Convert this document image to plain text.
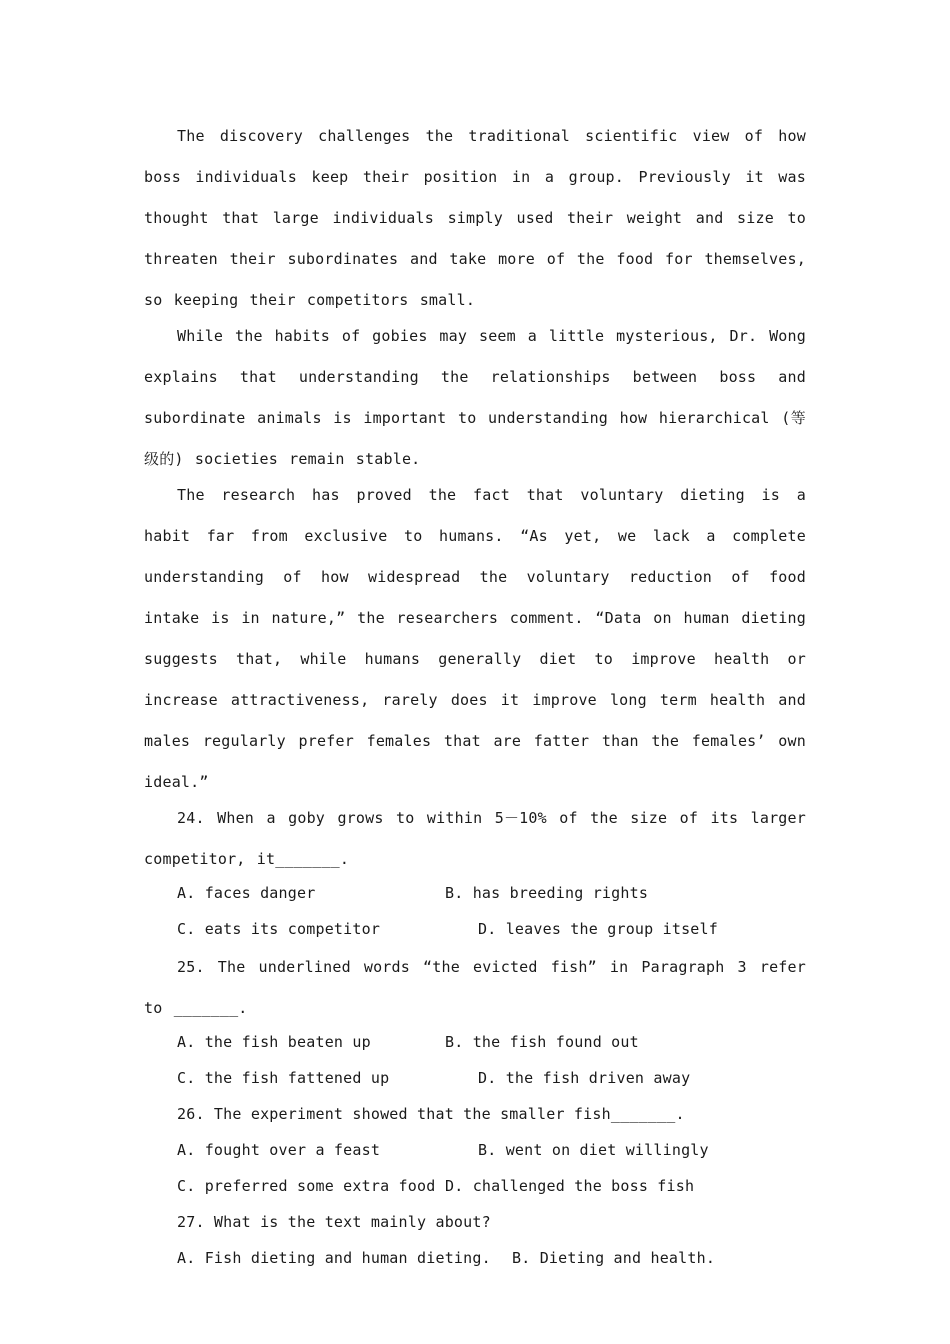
The discovery challenges the traditional scientific view of how boss individuals keep their position in a group. Previously it was thought that large individuals simply used their weight and size to threaten their subordinates and take more of the food for themselves, so keeping their competitors small.

While the habits of gobies may seem a little mysterious, Dr. Wong explains that understanding the relationships between boss and subordinate animals is important to understanding how hierarchical (等级的) societies remain stable.

The research has proved the fact that voluntary dieting is a habit far from exclusive to humans. “As yet, we lack a complete understanding of how widespread the voluntary reduction of food intake is in nature,” the researchers comment. “Data on human dieting suggests that, while humans generally diet to improve health or increase attractiveness, rarely does it improve long term health and males regularly prefer females that are fatter than the females’ own ideal.”

24. When a goby grows to within 5－10% of the size of its larger competitor, it_______.

A. faces danger	B. has breeding rights
C. eats its competitor	D. leaves the group itself

25. The underlined words “the evicted fish” in Paragraph 3 refer to _______.

A. the fish beaten up	B. the fish found out
C. the fish fattened up	D. the fish driven away
26. The experiment showed that the smaller fish_______.
A. fought over a feast	B. went on diet willingly
C. preferred some extra food D. challenged the boss fish
27. What is the text mainly about?
A. Fish dieting and human dieting. B. Dieting and health.
